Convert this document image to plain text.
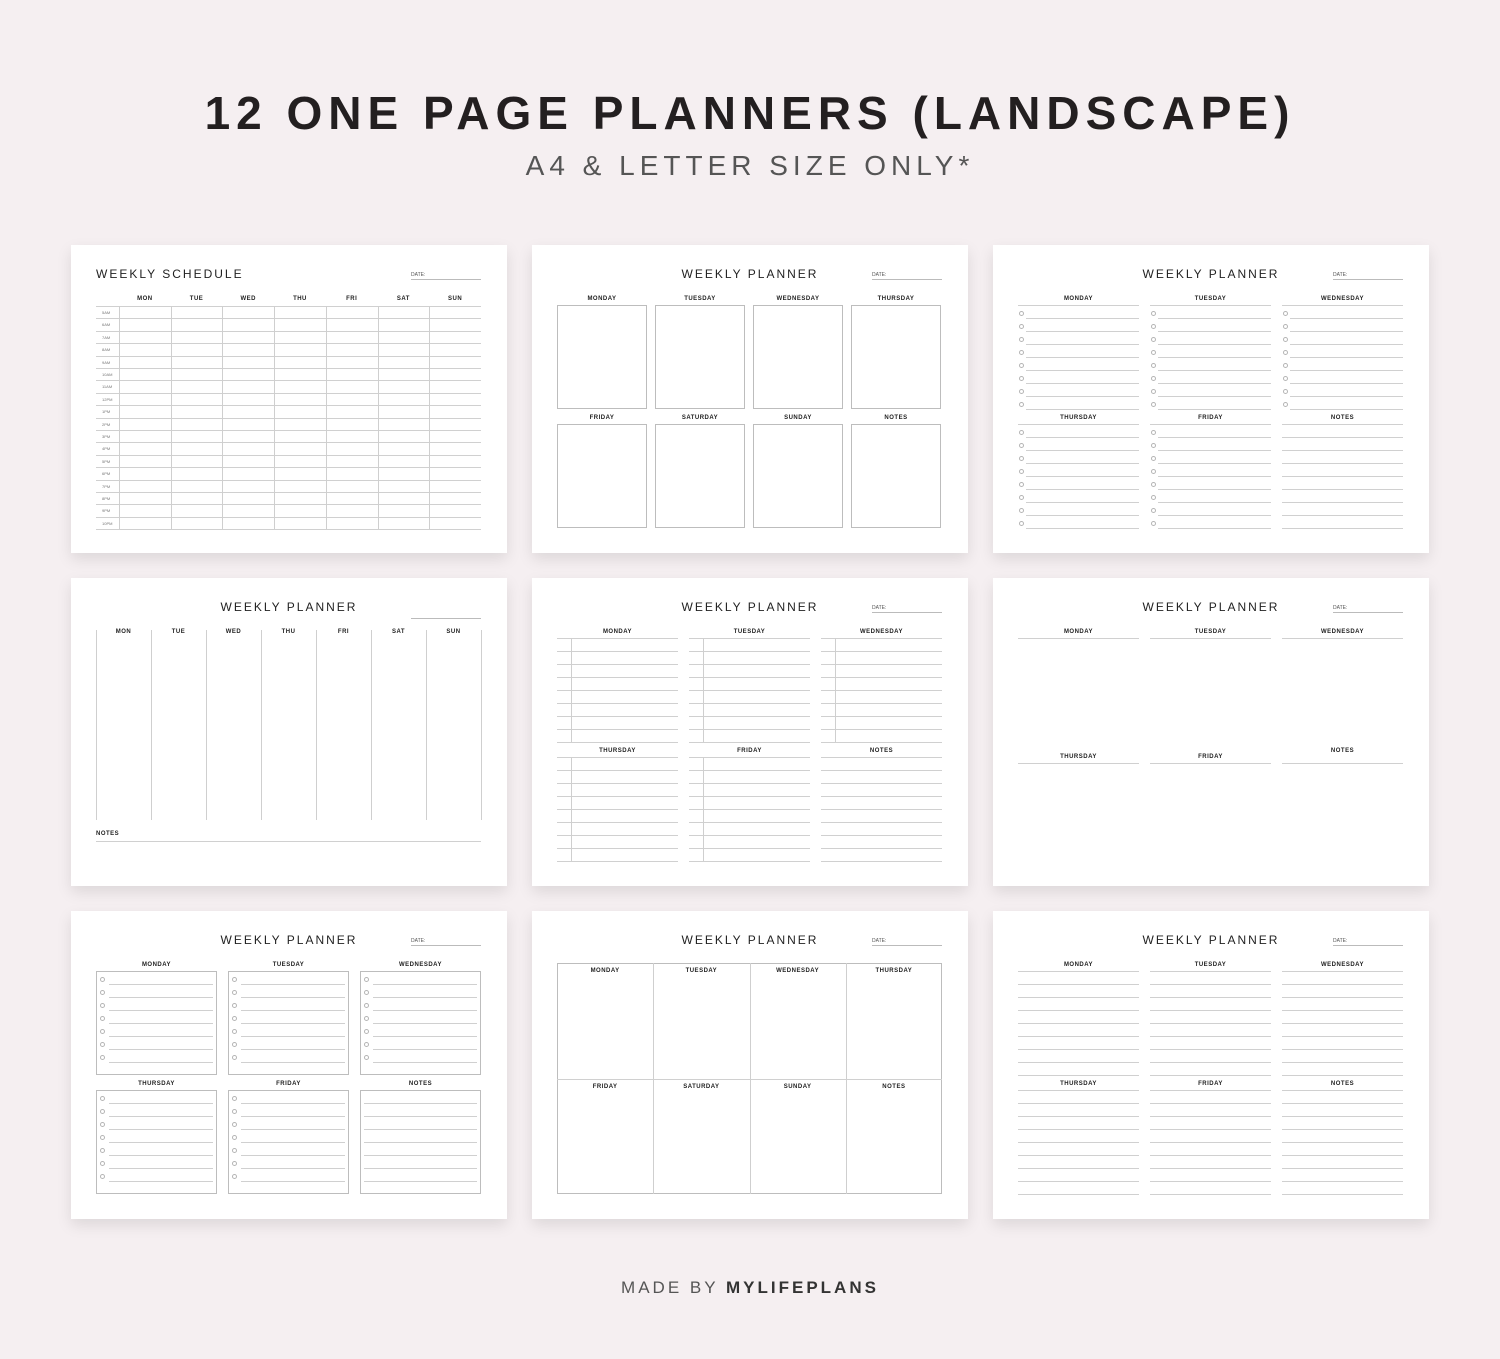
12 ONE PAGE PLANNERS (LANDSCAPE)
A4 & LETTER SIZE ONLY*
WEEKLY SCHEDULE	DATE:
MON	TUE	WED	THU	FRI	SAT	SUN
5AM
6AM
7AM
8AM
9AM
10AM
11AM
12PM
1PM
2PM
3PM
4PM
5PM
6PM
7PM
8PM
9PM
10PM
WEEKLY PLANNER	DATE:
MONDAY	TUESDAY	WEDNESDAY	THURSDAY
FRIDAY	SATURDAY	SUNDAY	NOTES
WEEKLY PLANNER	DATE:
MONDAY	TUESDAY	WEDNESDAY
THURSDAY	FRIDAY	NOTES
WEEKLY PLANNER
MON	TUE	WED	THU	FRI	SAT	SUN
NOTES
WEEKLY PLANNER	DATE:
MONDAY	TUESDAY	WEDNESDAY
THURSDAY	FRIDAY	NOTES
WEEKLY PLANNER	DATE:
MONDAY	TUESDAY	WEDNESDAY
THURSDAY	FRIDAY
NOTES
WEEKLY PLANNER	DATE:
MONDAY	TUESDAY	WEDNESDAY
THURSDAY	FRIDAY	NOTES
WEEKLY PLANNER	DATE:
MONDAY	TUESDAY	WEDNESDAY	THURSDAY
FRIDAY	SATURDAY	SUNDAY	NOTES
WEEKLY PLANNER	DATE:
MONDAY	TUESDAY	WEDNESDAY
THURSDAY	FRIDAY	NOTES
MADE BY MYLIFEPLANS
